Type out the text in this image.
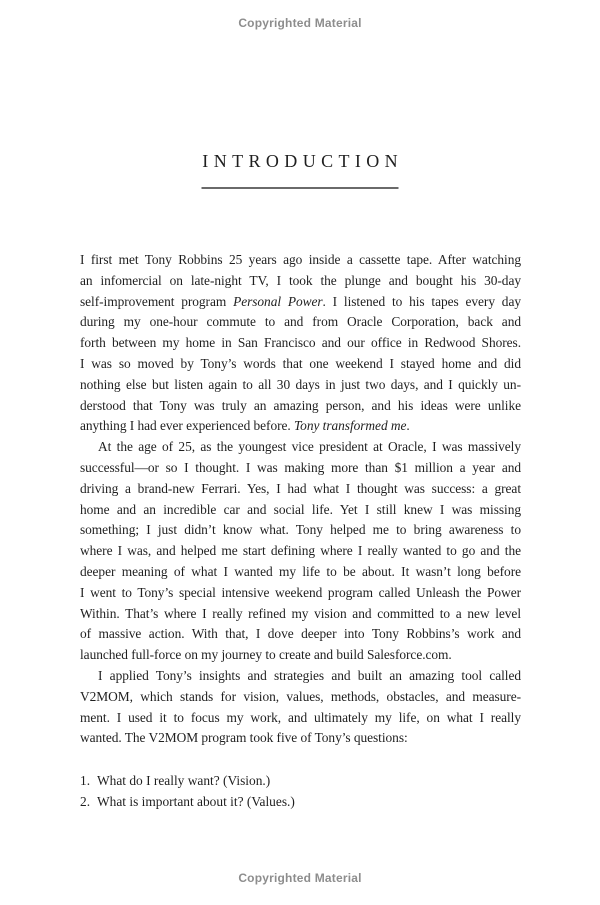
Copyrighted Material
INTRODUCTION
I first met Tony Robbins 25 years ago inside a cassette tape. After watching
an infomercial on late-night TV, I took the plunge and bought his 30-day
self-improvement program Personal Power. I listened to his tapes every day
during my one-hour commute to and from Oracle Corporation, back and
forth between my home in San Francisco and our office in Redwood Shores.
I was so moved by Tony’s words that one weekend I stayed home and did
nothing else but listen again to all 30 days in just two days, and I quickly un-
derstood that Tony was truly an amazing person, and his ideas were unlike
anything I had ever experienced before. Tony transformed me.
At the age of 25, as the youngest vice president at Oracle, I was massively
successful—or so I thought. I was making more than $1 million a year and
driving a brand-new Ferrari. Yes, I had what I thought was success: a great
home and an incredible car and social life. Yet I still knew I was missing
something; I just didn’t know what. Tony helped me to bring awareness to
where I was, and helped me start defining where I really wanted to go and the
deeper meaning of what I wanted my life to be about. It wasn’t long before
I went to Tony’s special intensive weekend program called Unleash the Power
Within. That’s where I really refined my vision and committed to a new level
of massive action. With that, I dove deeper into Tony Robbins’s work and
launched full-force on my journey to create and build Salesforce.com.
I applied Tony’s insights and strategies and built an amazing tool called
V2MOM, which stands for vision, values, methods, obstacles, and measure-
ment. I used it to focus my work, and ultimately my life, on what I really
wanted. The V2MOM program took five of Tony’s questions:
1. What do I really want? (Vision.)
2. What is important about it? (Values.)
Copyrighted Material
